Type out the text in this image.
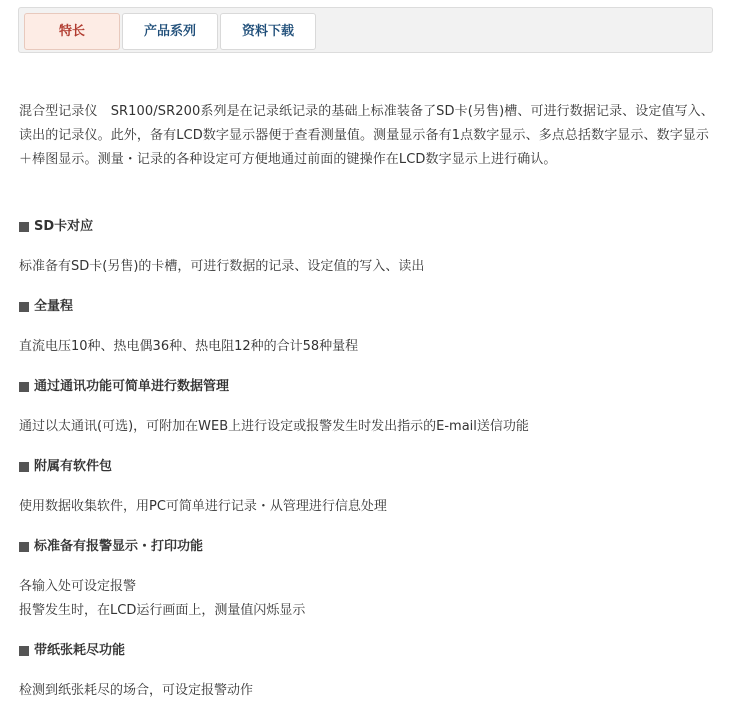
特长	产品系列	资料下载

混合型记录仪　SR100/SR200系列是在记录纸记录的基础上标准装备了SD卡(另售)槽、可进行数据记录、设定值写入、读出的记录仪。此外，备有LCD数字显示器便于查看测量值。测量显示备有1点数字显示、多点总括数字显示、数字显示＋棒图显示。测量・记录的各种设定可方便地通过前面的键操作在LCD数字显示上进行确认。

SD卡对应
标准备有SD卡(另售)的卡槽，可进行数据的记录、设定值的写入、读出
全量程
直流电压10种、热电偶36种、热电阻12种的合计58种量程
通过通讯功能可简单进行数据管理
通过以太通讯(可选)，可附加在WEB上进行设定或报警发生时发出指示的E-mail送信功能
附属有软件包
使用数据收集软件，用PC可简单进行记录・从管理进行信息处理
标准备有报警显示・打印功能
各输入处可设定报警
报警发生时，在LCD运行画面上，测量值闪烁显示
带纸张耗尽功能
检测到纸张耗尽的场合，可设定报警动作
